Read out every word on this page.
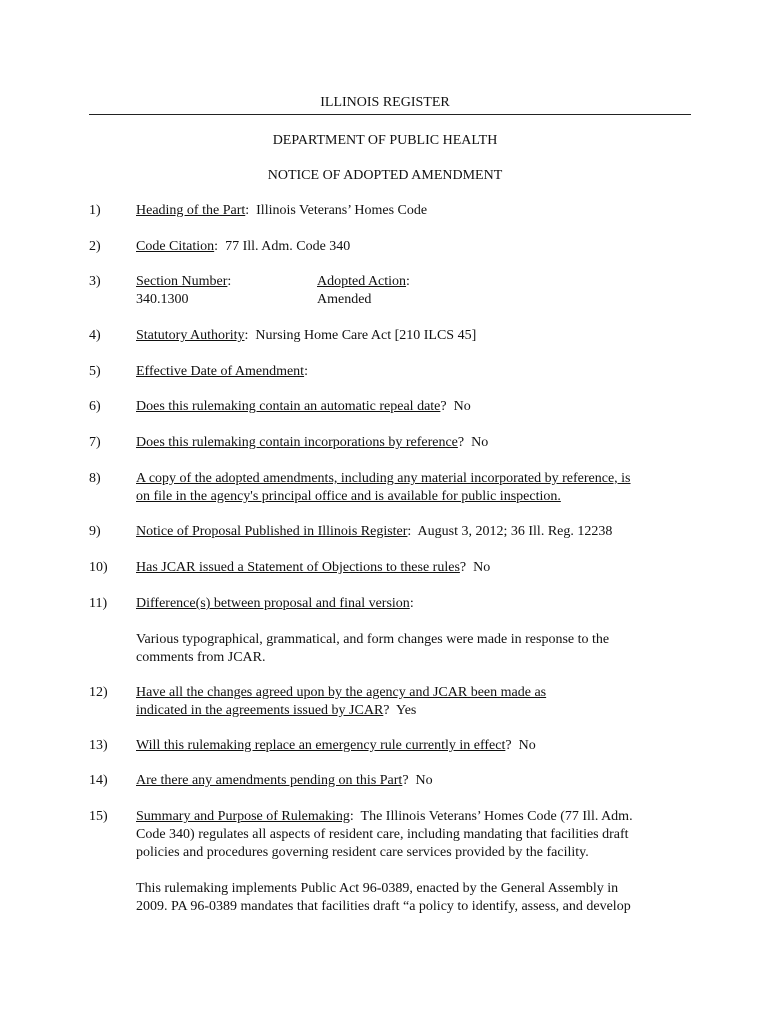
ILLINOIS REGISTER
DEPARTMENT OF PUBLIC HEALTH
NOTICE OF ADOPTED AMENDMENT
1)	Heading of the Part:  Illinois Veterans’ Homes Code
2)	Code Citation:  77 Ill. Adm. Code 340
3)	Section Number:
340.1300
Adopted Action:
Amended
4)	Statutory Authority:  Nursing Home Care Act [210 ILCS 45]
5)	Effective Date of Amendment:
6)	Does this rulemaking contain an automatic repeal date?  No
7)	Does this rulemaking contain incorporations by reference?  No
8)	A copy of the adopted amendments, including any material incorporated by reference, is
on file in the agency's principal office and is available for public inspection.
9)	Notice of Proposal Published in Illinois Register:  August 3, 2012; 36 Ill. Reg. 12238
10) Has JCAR issued a Statement of Objections to these rules?  No
11) Difference(s) between proposal and final version:
Various typographical, grammatical, and form changes were made in response to the
comments from JCAR.
12) Have all the changes agreed upon by the agency and JCAR been made as
indicated in the agreements issued by JCAR?  Yes
13) Will this rulemaking replace an emergency rule currently in effect?  No
14) Are there any amendments pending on this Part?  No
15) Summary and Purpose of Rulemaking:  The Illinois Veterans’ Homes Code (77 Ill. Adm.
Code 340) regulates all aspects of resident care, including mandating that facilities draft
policies and procedures governing resident care services provided by the facility.
This rulemaking implements Public Act 96-0389, enacted by the General Assembly in
2009. PA 96-0389 mandates that facilities draft “a policy to identify, assess, and develop
